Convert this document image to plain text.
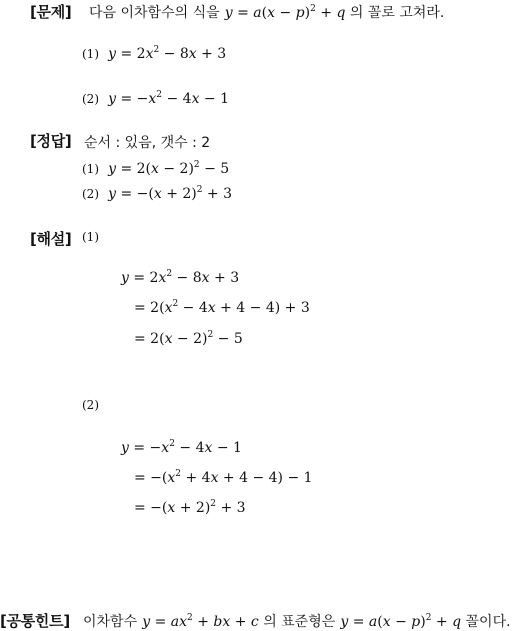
[문제] 다음 이차함수의 식을 $y = a(x - p)^2 + q$ 의 꼴로 고쳐라.
(1) $y = 2x^2 - 8x + 3$
(2) $y = -x^2 - 4x - 1$
[정답] 순서 : 있음, 갯수 : 2
(1) $y = 2(x - 2)^2 - 5$
(2) $y = -(x + 2)^2 + 3$
[해설] (1)
$y = 2x^2 - 8x + 3$
= $2(x^2 - 4x + 4 - 4) + 3$
= $2(x - 2)^2 - 5$
(2)
$y = -x^2 - 4x - 1$
= $-(x^2 + 4x + 4 - 4) - 1$
= $-(x + 2)^2 + 3$
[공통힌트] 이차함수 $y = ax^2$ + bx + c 의 표준형은 $y = a(x - p)^2 + q$ 꼴이다.
